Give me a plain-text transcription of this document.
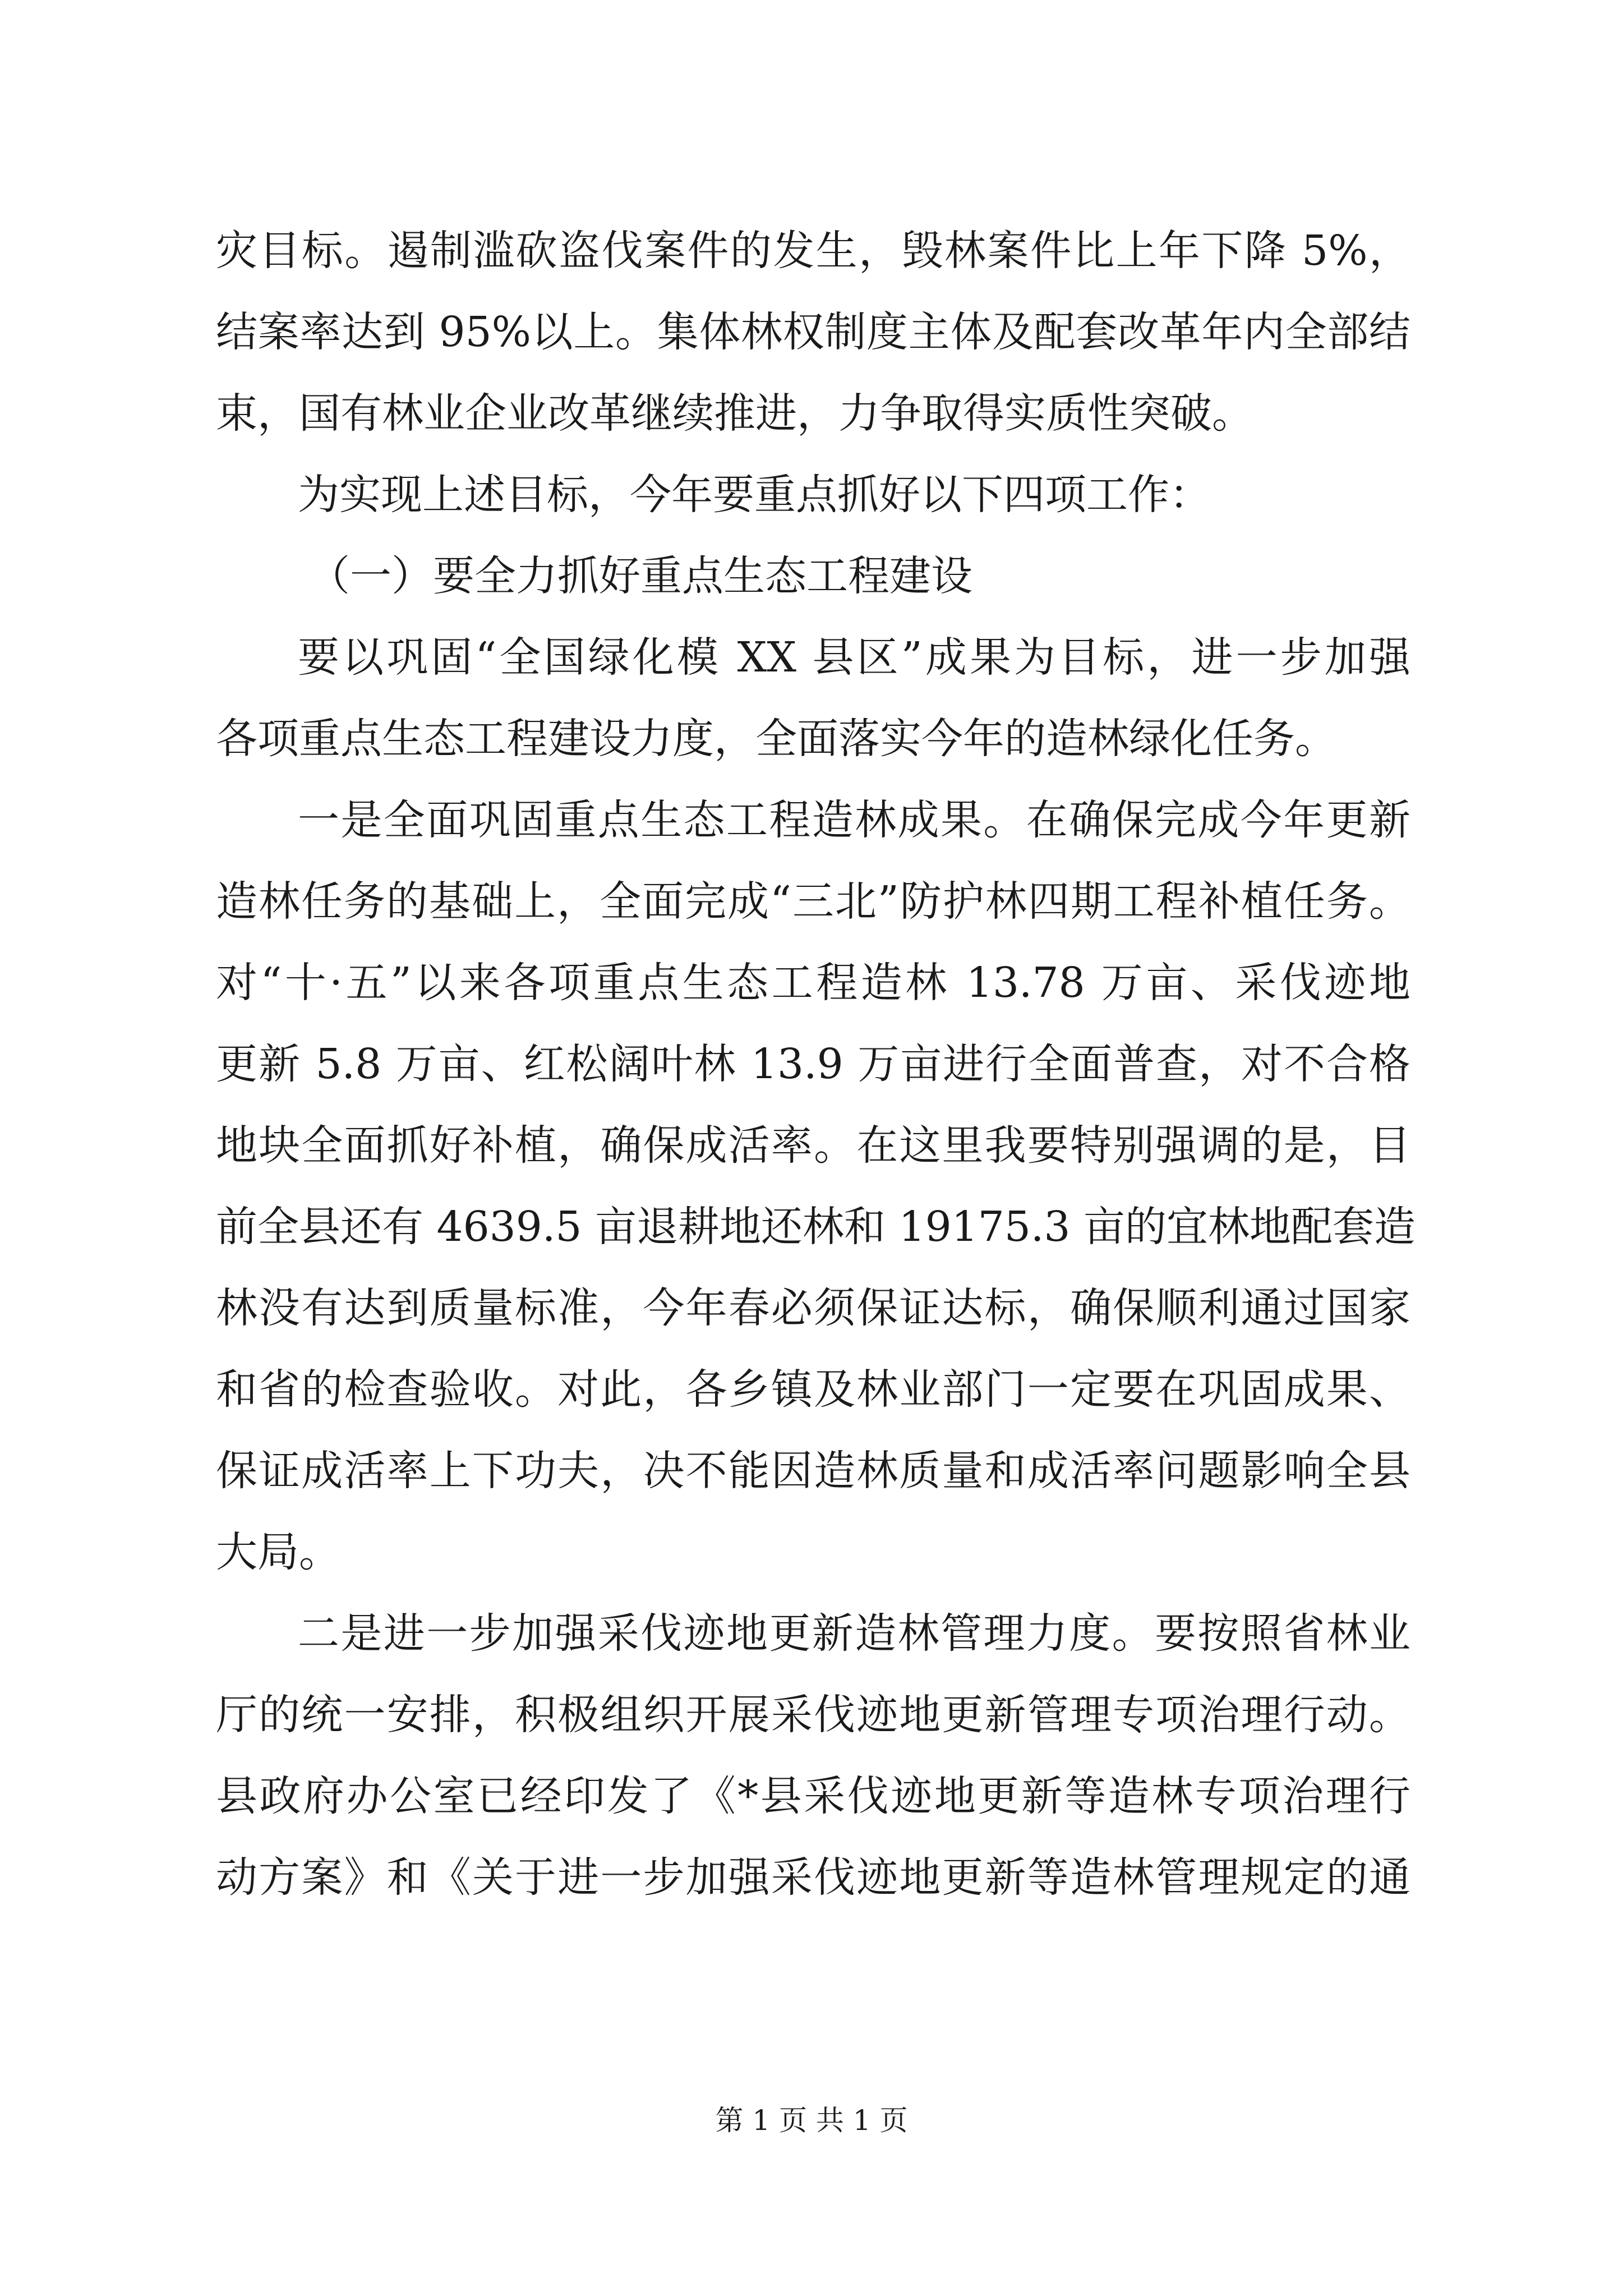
灾目标。遏制滥砍盗伐案件的发生，毁林案件比上年下降 5%，
结案率达到 95%以上。集体林权制度主体及配套改革年内全部结
束，国有林业企业改革继续推进，力争取得实质性突破。
为实现上述目标，今年要重点抓好以下四项工作：
（一）要全力抓好重点生态工程建设
要以巩固“全国绿化模 XX 县区”成果为目标，进一步加强
各项重点生态工程建设力度，全面落实今年的造林绿化任务。
一是全面巩固重点生态工程造林成果。在确保完成今年更新
造林任务的基础上，全面完成“三北”防护林四期工程补植任务。
对“十·五”以来各项重点生态工程造林 13.78 万亩、采伐迹地
更新 5.8 万亩、红松阔叶林 13.9 万亩进行全面普查，对不合格
地块全面抓好补植，确保成活率。在这里我要特别强调的是，目
前全县还有 4639.5 亩退耕地还林和 19175.3 亩的宜林地配套造
林没有达到质量标准，今年春必须保证达标，确保顺利通过国家
和省的检查验收。对此，各乡镇及林业部门一定要在巩固成果、
保证成活率上下功夫，决不能因造林质量和成活率问题影响全县
大局。
二是进一步加强采伐迹地更新造林管理力度。要按照省林业
厅的统一安排，积极组织开展采伐迹地更新管理专项治理行动。
县政府办公室已经印发了《*县采伐迹地更新等造林专项治理行
动方案》和《关于进一步加强采伐迹地更新等造林管理规定的通
第 1 页 共 1 页
